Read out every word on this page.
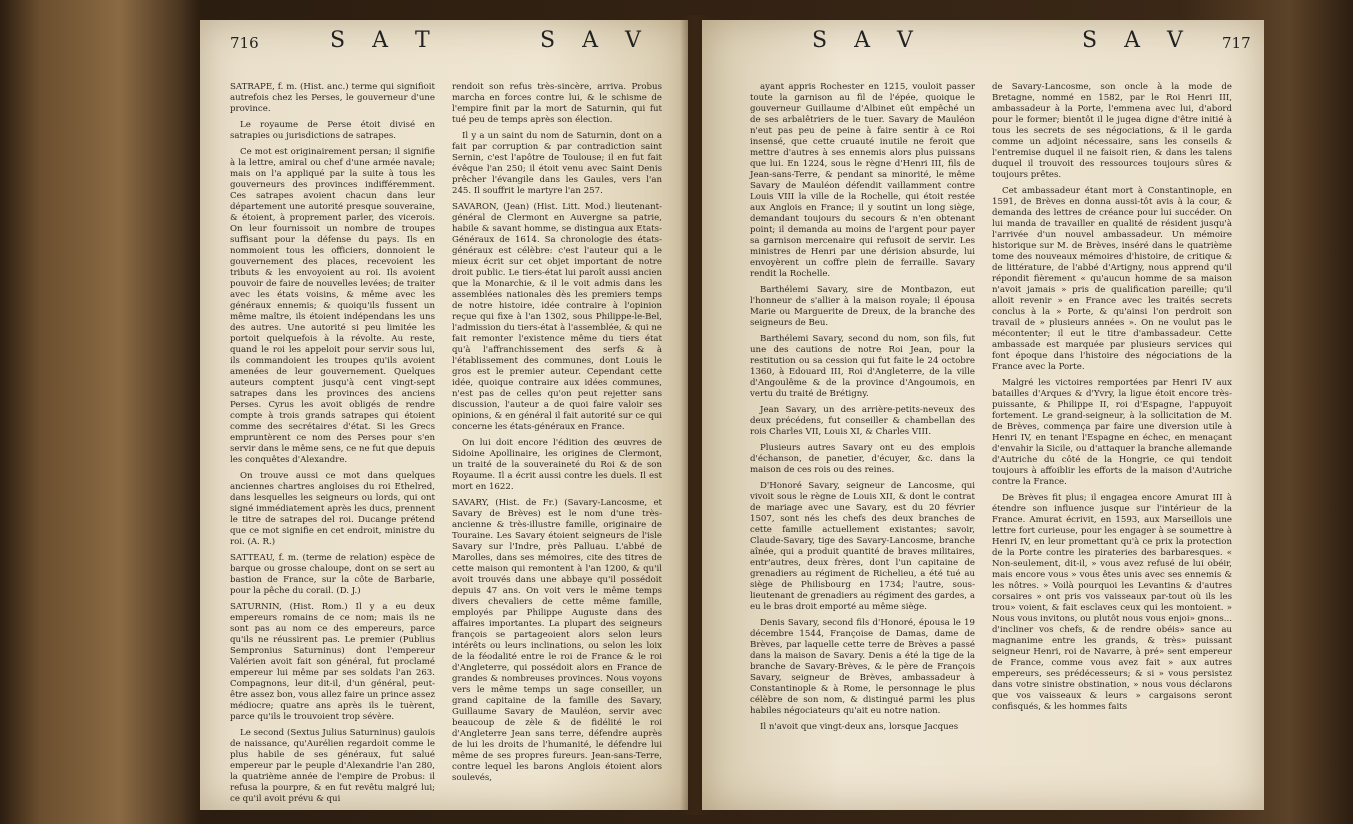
716	S A T	S A V

SATRAPE, f. m. (Hist. anc.) terme qui signifioit autrefois chez les Perses, le gouverneur d'une province.

Le royaume de Perse étoit divisé en satrapies ou jurisdictions de satrapes.

Ce mot est originairement persan; il signifie à la lettre, amiral ou chef d'une armée navale; mais on l'a appliqué par la suite à tous les gouverneurs des provinces indifféremment. Ces satrapes avoient chacun dans leur département une autorité presque souveraine, & étoient, à proprement parler, des vicerois. On leur fournissoit un nombre de troupes suffisant pour la défense du pays. Ils en nommoient tous les officiers, donnoient le gouvernement des places, recevoient les tributs & les envoyoient au roi. Ils avoient pouvoir de faire de nouvelles levées; de traiter avec les états voisins, & même avec les généraux ennemis; & quoiqu'ils fussent un même maître, ils étoient indépendans les uns des autres. Une autorité si peu limitée les portoit quelquefois à la révolte. Au reste, quand le roi les appeloit pour servir sous lui, ils commandoient les troupes qu'ils avoient amenées de leur gouvernement. Quelques auteurs comptent jusqu'à cent vingt-sept satrapes dans les provinces des anciens Perses. Cyrus les avoit obligés de rendre compte à trois grands satrapes qui étoient comme des secrétaires d'état. Si les Grecs empruntèrent ce nom des Perses pour s'en servir dans le même sens, ce ne fut que depuis les conquêtes d'Alexandre.

On trouve aussi ce mot dans quelques anciennes chartres angloises du roi Ethelred, dans lesquelles les seigneurs ou lords, qui ont signé immédiatement après les ducs, prennent le titre de satrapes del roi. Ducange prétend que ce mot signifie en cet endroit, ministre du roi. (A. R.)

SATTEAU, f. m. (terme de relation) espèce de barque ou grosse chaloupe, dont on se sert au bastion de France, sur la côte de Barbarie, pour la pêche du corail. (D. J.)

SATURNIN, (Hist. Rom.) Il y a eu deux empereurs romains de ce nom; mais ils ne sont pas au nom ce des empereurs, parce qu'ils ne réussirent pas. Le premier (Publius Sempronius Saturninus) dont l'empereur Valérien avoit fait son général, fut proclamé empereur lui même par ses soldats l'an 263. Compagnons, leur dit-il, d'un général, peut-être assez bon, vous allez faire un prince assez médiocre; quatre ans après ils le tuèrent, parce qu'ils le trouvoient trop sévère.

Le second (Sextus Julius Saturninus) gaulois de naissance, qu'Aurélien regardoit comme le plus habile de ses généraux, fut salué empereur par le peuple d'Alexandrie l'an 280, la quatrième année de l'empire de Probus: il refusa la pourpre, & en fut revêtu malgré lui; ce qu'il avoit prévu & qui

rendoit son refus très-sincère, arriva. Probus marcha en forces contre lui, & le schisme de l'empire finit par la mort de Saturnin, qui fut tué peu de temps après son élection.

Il y a un saint du nom de Saturnin, dont on a fait par corruption & par contradiction saint Sernin, c'est l'apôtre de Toulouse; il en fut fait évêque l'an 250; il étoit venu avec Saint Denis prêcher l'évangile dans les Gaules, vers l'an 245. Il souffrit le martyre l'an 257.

SAVARON, (Jean) (Hist. Litt. Mod.) lieutenant-général de Clermont en Auvergne sa patrie, habile & savant homme, se distingua aux Etats-Généraux de 1614. Sa chronologie des états-généraux est célèbre: c'est l'auteur qui a le mieux écrit sur cet objet important de notre droit public. Le tiers-état lui paroît aussi ancien que la Monarchie, & il le voit admis dans les assemblées nationales dès les premiers temps de notre histoire, idée contraire à l'opinion reçue qui fixe à l'an 1302, sous Philippe-le-Bel, l'admission du tiers-état à l'assemblée, & qui ne fait remonter l'existence même du tiers état qu'à l'affranchissement des serfs & à l'établissement des communes, dont Louis le gros est le premier auteur. Cependant cette idée, quoique contraire aux idées communes, n'est pas de celles qu'on peut rejetter sans discussion, l'auteur a de quoi faire valoir ses opinions, & en général il fait autorité sur ce qui concerne les états-généraux en France.

On lui doit encore l'édition des œuvres de Sidoine Apollinaire, les origines de Clermont, un traité de la souveraineté du Roi & de son Royaume. Il a écrit aussi contre les duels. Il est mort en 1622.

SAVARY, (Hist. de Fr.) (Savary-Lancosme, et Savary de Brèves) est le nom d'une très-ancienne & très-illustre famille, originaire de Touraine. Les Savary étoient seigneurs de l'isle Savary sur l'Indre, près Palluau. L'abbé de Marolles, dans ses mémoires, cite des titres de cette maison qui remontent à l'an 1200, & qu'il avoit trouvés dans une abbaye qu'il possédoit depuis 47 ans. On voit vers le même temps divers chevaliers de cette même famille, employés par Philippe Auguste dans des affaires importantes. La plupart des seigneurs françois se partageoient alors selon leurs intérêts ou leurs inclinations, ou selon les loix de la féodalité entre le roi de France & le roi d'Angleterre, qui possédoit alors en France de grandes & nombreuses provinces. Nous voyons vers le même temps un sage conseiller, un grand capitaine de la famille des Savary, Guillaume Savary de Mauléon, servir avec beaucoup de zèle & de fidélité le roi d'Angleterre Jean sans terre, défendre auprès de lui les droits de l'humanité, le défendre lui même de ses propres fureurs. Jean-sans-Terre, contre lequel les barons Anglois étoient alors soulevés,

S A V	S A V 717

ayant appris Rochester en 1215, vouloit passer toute la garnison au fil de l'épée, quoique le gouverneur Guillaume d'Albinet eût empêché un de ses arbalêtriers de le tuer. Savary de Mauléon n'eut pas peu de peine à faire sentir à ce Roi insensé, que cette cruauté inutile ne feroit que mettre d'autres à ses ennemis alors plus puissans que lui. En 1224, sous le règne d'Henri III, fils de Jean-sans-Terre, & pendant sa minorité, le même Savary de Mauléon défendit vaillamment contre Louis VIII la ville de la Rochelle, qui étoit restée aux Anglois en France; il y soutint un long siège, demandant toujours du secours & n'en obtenant point; il demanda au moins de l'argent pour payer sa garnison mercenaire qui refusoit de servir. Les ministres de Henri par une dérision absurde, lui envoyèrent un coffre plein de ferraille. Savary rendit la Rochelle.

Barthélemi Savary, sire de Montbazon, eut l'honneur de s'allier à la maison royale; il épousa Marie ou Marguerite de Dreux, de la branche des seigneurs de Beu.

Barthélemi Savary, second du nom, son fils, fut une des cautions de notre Roi Jean, pour la restitution ou sa cession qui fut faite le 24 octobre 1360, à Edouard III, Roi d'Angleterre, de la ville d'Angoulême & de la province d'Angoumois, en vertu du traité de Brétigny.

Jean Savary, un des arrière-petits-neveux des deux précédens, fut conseiller & chambellan des rois Charles VII, Louis XI, & Charles VIII.

Plusieurs autres Savary ont eu des emplois d'échanson, de panetier, d'écuyer, &c. dans la maison de ces rois ou des reines.

D'Honoré Savary, seigneur de Lancosme, qui vivoit sous le règne de Louis XII, & dont le contrat de mariage avec une Savary, est du 20 février 1507, sont nés les chefs des deux branches de cette famille actuellement existantes; savoir, Claude-Savary, tige des Savary-Lancosme, branche aînée, qui a produit quantité de braves militaires, entr'autres, deux frères, dont l'un capitaine de grenadiers au régiment de Richelieu, a été tué au siège de Philisbourg en 1734; l'autre, sous-lieutenant de grenadiers au régiment des gardes, a eu le bras droit emporté au même siège.

Denis Savary, second fils d'Honoré, épousa le 19 décembre 1544, Françoise de Damas, dame de Brèves, par laquelle cette terre de Brèves a passé dans la maison de Savary. Denis a été la tige de la branche de Savary-Brèves, & le père de François Savary, seigneur de Brèves, ambassadeur à Constantinople & à Rome, le personnage le plus célèbre de son nom, & distingué parmi les plus habiles négociateurs qu'ait eu notre nation.

Il n'avoit que vingt-deux ans, lorsque Jacques

de Savary-Lancosme, son oncle à la mode de Bretagne, nommé en 1582, par le Roi Henri III, ambassadeur à la Porte, l'emmena avec lui, d'abord pour le former; bientôt il le jugea digne d'être initié à tous les secrets de ses négociations, & il le garda comme un adjoint nécessaire, sans les conseils & l'entremise duquel il ne faisoit rien, & dans les talens duquel il trouvoit des ressources toujours sûres & toujours prêtes.

Cet ambassadeur étant mort à Constantinople, en 1591, de Brèves en donna aussi-tôt avis à la cour, & demanda des lettres de créance pour lui succéder. On lui manda de travailler en qualité de résident jusqu'à l'arrivée d'un nouvel ambassadeur. Un mémoire historique sur M. de Brèves, inséré dans le quatrième tome des nouveaux mémoires d'histoire, de critique & de littérature, de l'abbé d'Artigny, nous apprend qu'il répondit fièrement « qu'aucun homme de sa maison n'avoit jamais » pris de qualification pareille; qu'il alloit revenir » en France avec les traités secrets conclus à la » Porte, & qu'ainsi l'on perdroit son travail de » plusieurs années ». On ne voulut pas le mécontenter; il eut le titre d'ambassadeur. Cette ambassade est marquée par plusieurs services qui font époque dans l'histoire des négociations de la France avec la Porte.

Malgré les victoires remportées par Henri IV aux batailles d'Arques & d'Yvry, la ligue étoit encore très-puissante, & Philippe II, roi d'Espagne, l'appuyoit fortement. Le grand-seigneur, à la sollicitation de M. de Brèves, commença par faire une diversion utile à Henri IV, en tenant l'Espagne en échec, en menaçant d'envahir la Sicile, ou d'attaquer la branche allemande d'Autriche du côté de la Hongrie, ce qui tendoit toujours à affoiblir les efforts de la maison d'Autriche contre la France.

De Brèves fit plus; il engagea encore Amurat III à étendre son influence jusque sur l'intérieur de la France. Amurat écrivit, en 1593, aux Marseillois une lettre fort curieuse, pour les engager à se soumettre à Henri IV, en leur promettant qu'à ce prix la protection de la Porte contre les pirateries des barbaresques. « Non-seulement, dit-il, » vous avez refusé de lui obéir, mais encore vous » vous êtes unis avec ses ennemis & les nôtres. » Voilà pourquoi les Levantins & d'autres corsaires » ont pris vos vaisseaux par-tout où ils les trou» voient, & fait esclaves ceux qui les montoient. » Nous vous invitons, ou plutôt nous vous enjoi» gnons... d'incliner vos chefs, & de rendre obéis» sance au magnanime entre les grands, & très» puissant seigneur Henri, roi de Navarre, à pré» sent empereur de France, comme vous avez fait » aux autres empereurs, ses prédécesseurs; & si » vous persistez dans votre sinistre obstination, » nous vous déclarons que vos vaisseaux & leurs » cargaisons seront confisqués, & les hommes faits
